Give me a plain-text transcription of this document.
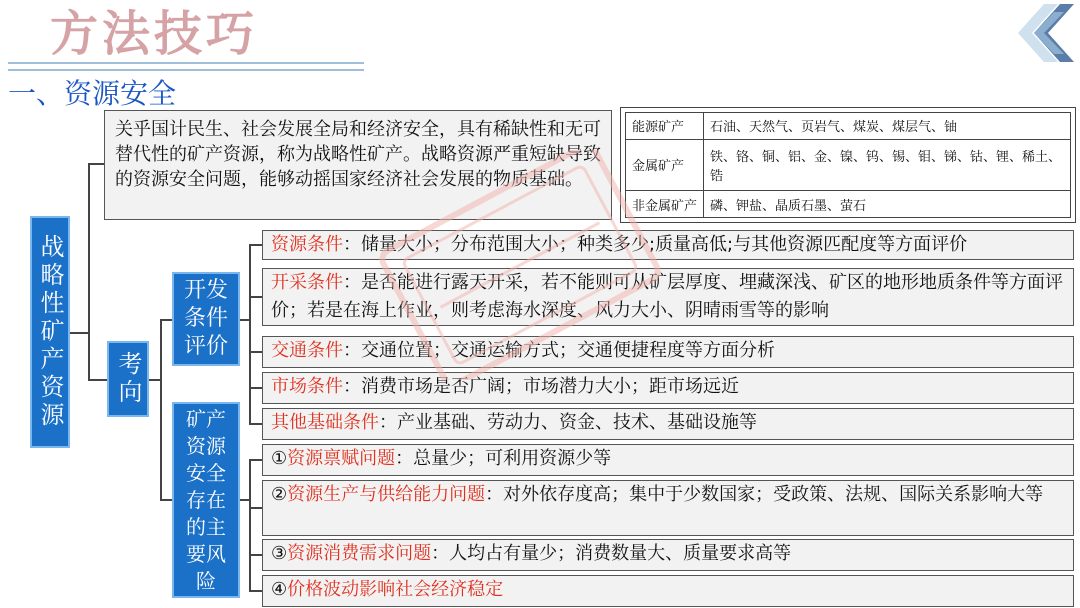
方法技巧
一、资源安全
关乎国计民生、社会发展全局和经济安全，具有稀缺性和无可替代性的矿产资源，称为战略性矿产。战略资源严重短缺导致的资源安全问题，能够动摇国家经济社会发展的物质基础。
能源矿产	石油、天然气、页岩气、煤炭、煤层气、铀
金属矿产	铁、铬、铜、铝、金、镍、钨、锡、钼、锑、钴、锂、稀土、锆
非金属矿产	磷、钾盐、晶质石墨、萤石
战略性矿产资源 考向
开发条件评价
矿产资源安全存在的主要风险
资源条件：储量大小；分布范围大小；种类多少;质量高低;与其他资源匹配度等方面评价
开采条件：是否能进行露天开采，若不能则可从矿层厚度、埋藏深浅、矿区的地形地质条件等方面评价；若是在海上作业，则考虑海水深度、风力大小、阴晴雨雪等的影响
交通条件：交通位置；交通运输方式；交通便捷程度等方面分析
市场条件：消费市场是否广阔；市场潜力大小；距市场远近
其他基础条件：产业基础、劳动力、资金、技术、基础设施等
①资源禀赋问题：总量少；可利用资源少等
②资源生产与供给能力问题：对外依存度高；集中于少数国家；受政策、法规、国际关系影响大等
③资源消费需求问题：人均占有量少；消费数量大、质量要求高等
④价格波动影响社会经济稳定
